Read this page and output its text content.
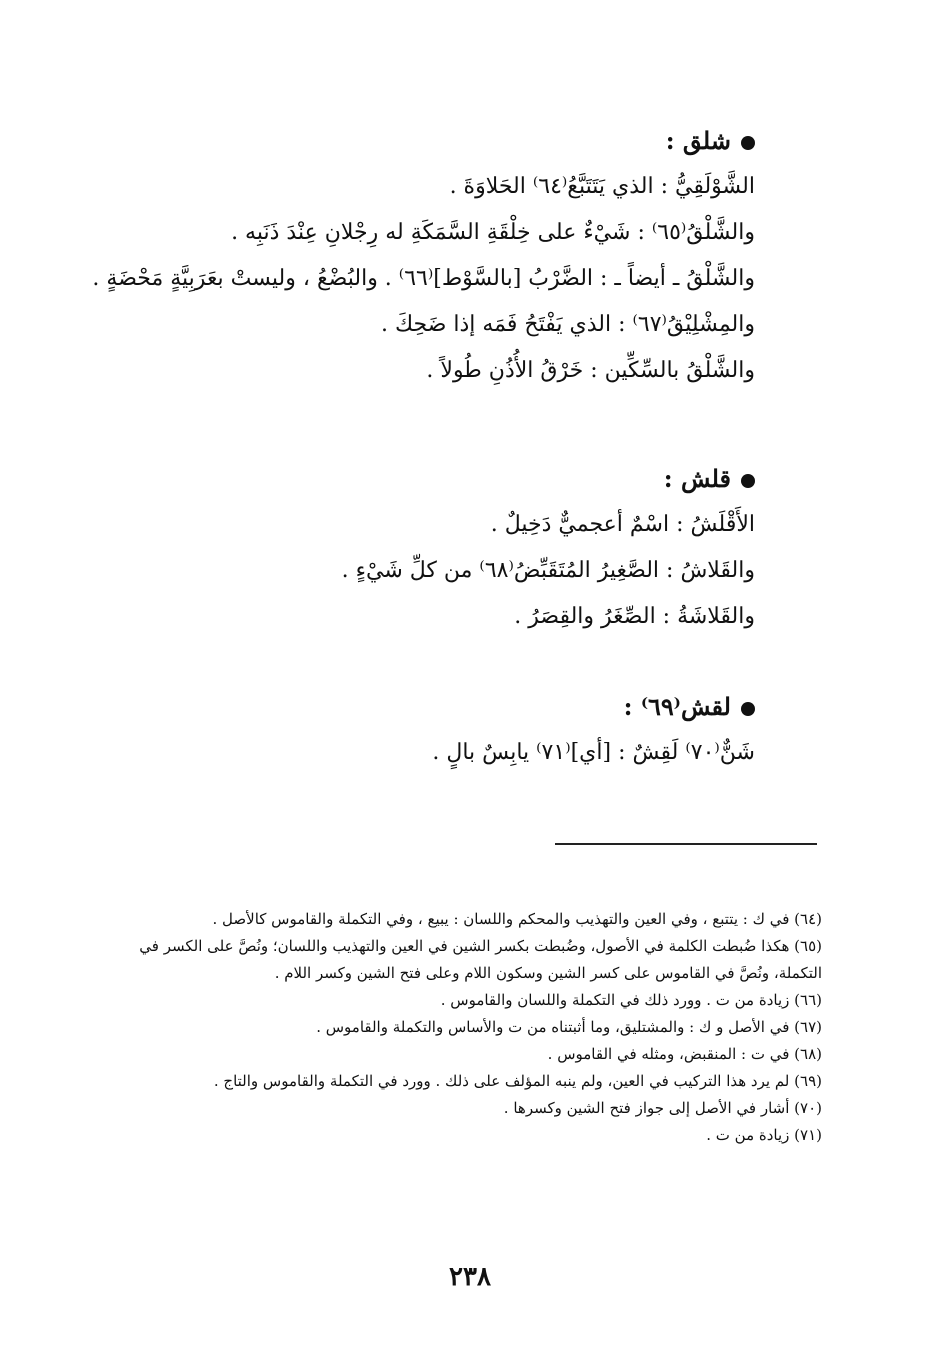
شلق :
الشَّوْلَقِيُّ : الذي يَتَتَبَّعُ⁽٦٤⁾ الحَلاوَةَ .
والشَّلْقُ⁽٦٥⁾ : شَيْءٌ على خِلْقَةِ السَّمَكَةِ له رِجْلانِ عِنْدَ ذَنَبِه .
والشَّلْقُ ـ أيضاً ـ : الضَّرْبُ [بالسَّوْط]⁽٦٦⁾ . والبُضْعُ ، وليستْ بعَرَبِيَّةٍ مَحْضَةٍ .
والمِشْلِيْقُ⁽٦٧⁾ : الذي يَفْتَحُ فَمَه إذا ضَحِكَ .
والشَّلْقُ بالسِّكِّين : خَرْقُ الأُذُنِ طُولاً .
قلش :
الأَقْلَشُ : اسْمٌ أعجميٌّ دَخِيلٌ .
والقَلاشُ : الصَّغِيرُ المُتَقَبِّضُ⁽٦٨⁾ من كلِّ شَيْءٍ .
والقَلاشَةُ : الصِّغَرُ والقِصَرُ .
لقش⁽٦٩⁾ :
شَنٌّ⁽٧٠⁾ لَقِشٌ : [أي]⁽٧١⁾ يابِسٌ بالٍ .

(٦٤) في ك : يتتبع ، وفي العين والتهذيب والمحكم واللسان : يبيع ، وفي التكملة والقاموس كالأصل .

(٦٥) هكذا ضُبطت الكلمة في الأصول، وضُبطت بكسر الشين في العين والتهذيب واللسان؛ ونُصَّ على الكسر في التكملة، ونُصَّ في القاموس على كسر الشين وسكون اللام وعلى فتح الشين وكسر اللام .

(٦٦) زيادة من ت . وورد ذلك في التكملة واللسان والقاموس .

(٦٧) في الأصل و ك : والمشتليق، وما أثبتناه من ت والأساس والتكملة والقاموس .

(٦٨) في ت : المنقبض، ومثله في القاموس .

(٦٩) لم يرد هذا التركيب في العين، ولم ينبه المؤلف على ذلك . وورد في التكملة والقاموس والتاج .

(٧٠) أشار في الأصل إلى جواز فتح الشين وكسرها .

(٧١) زيادة من ت .

٢٣٨
